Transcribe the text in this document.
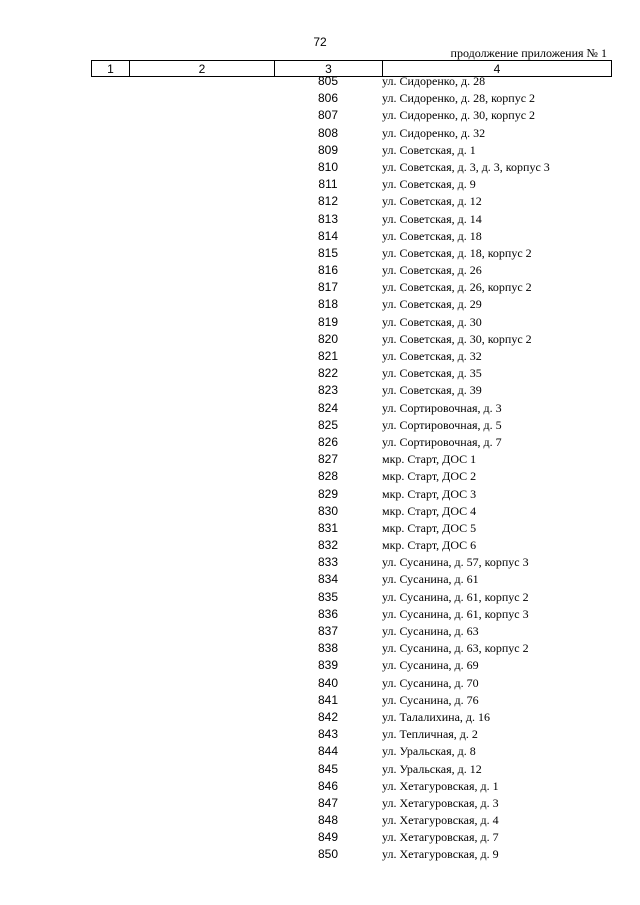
72
продолжение приложения № 1
1	2	3	4
805	ул. Сидоренко, д. 28
806	ул. Сидоренко, д. 28, корпус 2
807	ул. Сидоренко, д. 30, корпус 2
808	ул. Сидоренко, д. 32
809	ул. Советская, д. 1
810	ул. Советская, д. 3, д. 3, корпус 3
811	ул. Советская, д. 9
812	ул. Советская, д. 12
813	ул. Советская, д. 14
814	ул. Советская, д. 18
815	ул. Советская, д. 18, корпус 2
816	ул. Советская, д. 26
817	ул. Советская, д. 26, корпус 2
818	ул. Советская, д. 29
819	ул. Советская, д. 30
820	ул. Советская, д. 30, корпус 2
821	ул. Советская, д. 32
822	ул. Советская, д. 35
823	ул. Советская, д. 39
824	ул. Сортировочная, д. 3
825	ул. Сортировочная, д. 5
826	ул. Сортировочная, д. 7
827	мкр. Старт, ДОС 1
828	мкр. Старт, ДОС 2
829	мкр. Старт, ДОС 3
830	мкр. Старт, ДОС 4
831	мкр. Старт, ДОС 5
832	мкр. Старт, ДОС 6
833	ул. Сусанина, д. 57, корпус 3
834	ул. Сусанина, д. 61
835	ул. Сусанина, д. 61, корпус 2
836	ул. Сусанина, д. 61, корпус 3
837	ул. Сусанина, д. 63
838	ул. Сусанина, д. 63, корпус 2
839	ул. Сусанина, д. 69
840	ул. Сусанина, д. 70
841	ул. Сусанина, д. 76
842	ул. Талалихина, д. 16
843	ул. Тепличная, д. 2
844	ул. Уральская, д. 8
845	ул. Уральская, д. 12
846	ул. Хетагуровская, д. 1
847	ул. Хетагуровская, д. 3
848	ул. Хетагуровская, д. 4
849	ул. Хетагуровская, д. 7
850	ул. Хетагуровская, д. 9
